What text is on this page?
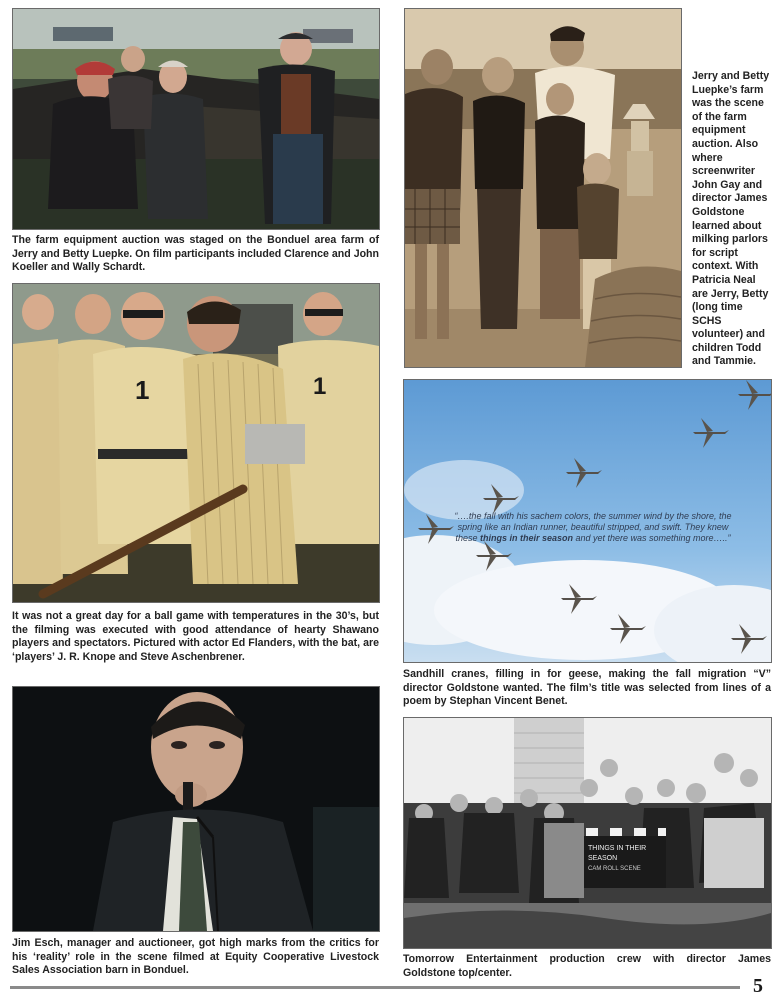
The farm equipment auction was staged on the Bonduel area farm of Jerry and Betty Luepke. On film participants included Clarence and John Koeller and Wally Schardt.

1	1

It was not a great day for a ball game with temperatures in the 30’s, but the filming was executed with good attendance of hearty Shawano players and spectators. Pictured with actor Ed Flanders, with the bat, are ‘players’ J. R. Knope and Steve Aschenbrener.

Jim Esch, manager and auctioneer, got high marks from the critics for his ‘reality’ role in the scene filmed at Equity Cooperative Livestock Sales Association barn in Bonduel.

Jerry and Betty Luepke’s farm was the scene of the farm equipment auction. Also where screenwriter John Gay and director James Goldstone learned about milking parlors for script context. With Patricia Neal are Jerry, Betty (long time SCHS volunteer) and children Todd and Tammie.

“….the fall with his sachem colors, the summer wind by the shore, the spring like an Indian runner, beautiful stripped, and swift. They knew these things in their season and yet there was something more…..”

Sandhill cranes, filling in for geese, making the fall migration “V” director Goldstone wanted. The film’s title was selected from lines of a poem by Stephan Vincent Benet.

THINGS IN THEIR
SEASON
CAM ROLL SCENE

Tomorrow Entertainment production crew with director James Goldstone top/center.

5
